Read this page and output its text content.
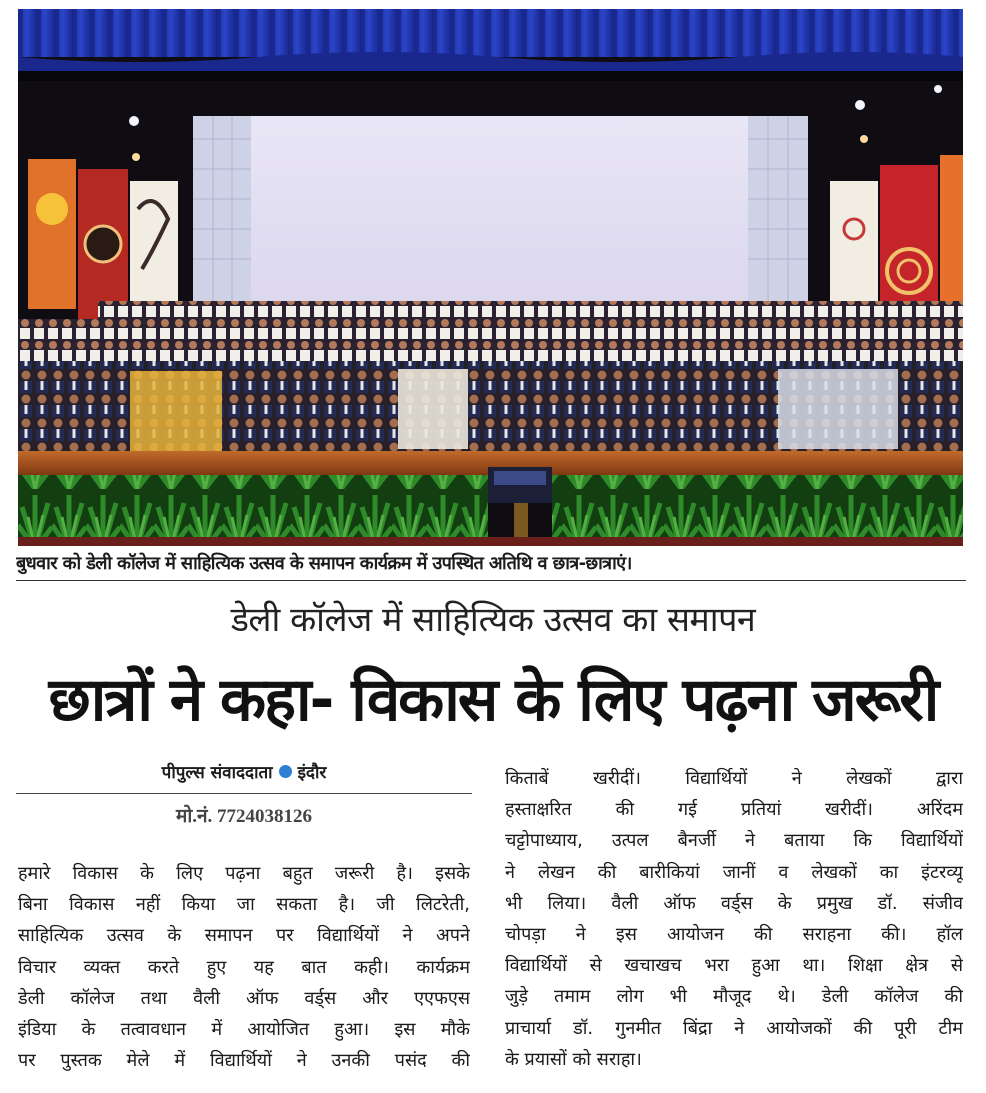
बुधवार को डेली कॉलेज में साहित्यिक उत्सव के समापन कार्यक्रम में उपस्थित अतिथि व छात्र-छात्राएं।
डेली कॉलेज में साहित्यिक उत्सव का समापन
छात्रों ने कहा- विकास के लिए पढ़ना जरूरी
पीपुल्स संवाददाता इंदौर
मो.नं. 7724038126
हमारे विकास के लिए पढ़ना बहुत जरूरी है। इसके
बिना विकास नहीं किया जा सकता है। जी लिटरेती,
साहित्यिक उत्सव के समापन पर विद्यार्थियों ने अपने
विचार व्यक्त करते हुए यह बात कही। कार्यक्रम
डेली कॉलेज तथा वैली ऑफ वर्ड्स और एएफएस
इंडिया के तत्वावधान में आयोजित हुआ। इस मौके
पर पुस्तक मेले में विद्यार्थियों ने उनकी पसंद की
किताबें खरीदीं। विद्यार्थियों ने लेखकों द्वारा
हस्ताक्षरित की गई प्रतियां खरीदीं। अरिंदम
चट्टोपाध्याय, उत्पल बैनर्जी ने बताया कि विद्यार्थियों
ने लेखन की बारीकियां जानीं व लेखकों का इंटरव्यू
भी लिया। वैली ऑफ वर्ड्स के प्रमुख डॉ. संजीव
चोपड़ा ने इस आयोजन की सराहना की। हॉल
विद्यार्थियों से खचाखच भरा हुआ था। शिक्षा क्षेत्र से
जुड़े तमाम लोग भी मौजूद थे। डेली कॉलेज की
प्राचार्या डॉ. गुनमीत बिंद्रा ने आयोजकों की पूरी टीम
के प्रयासों को सराहा।
